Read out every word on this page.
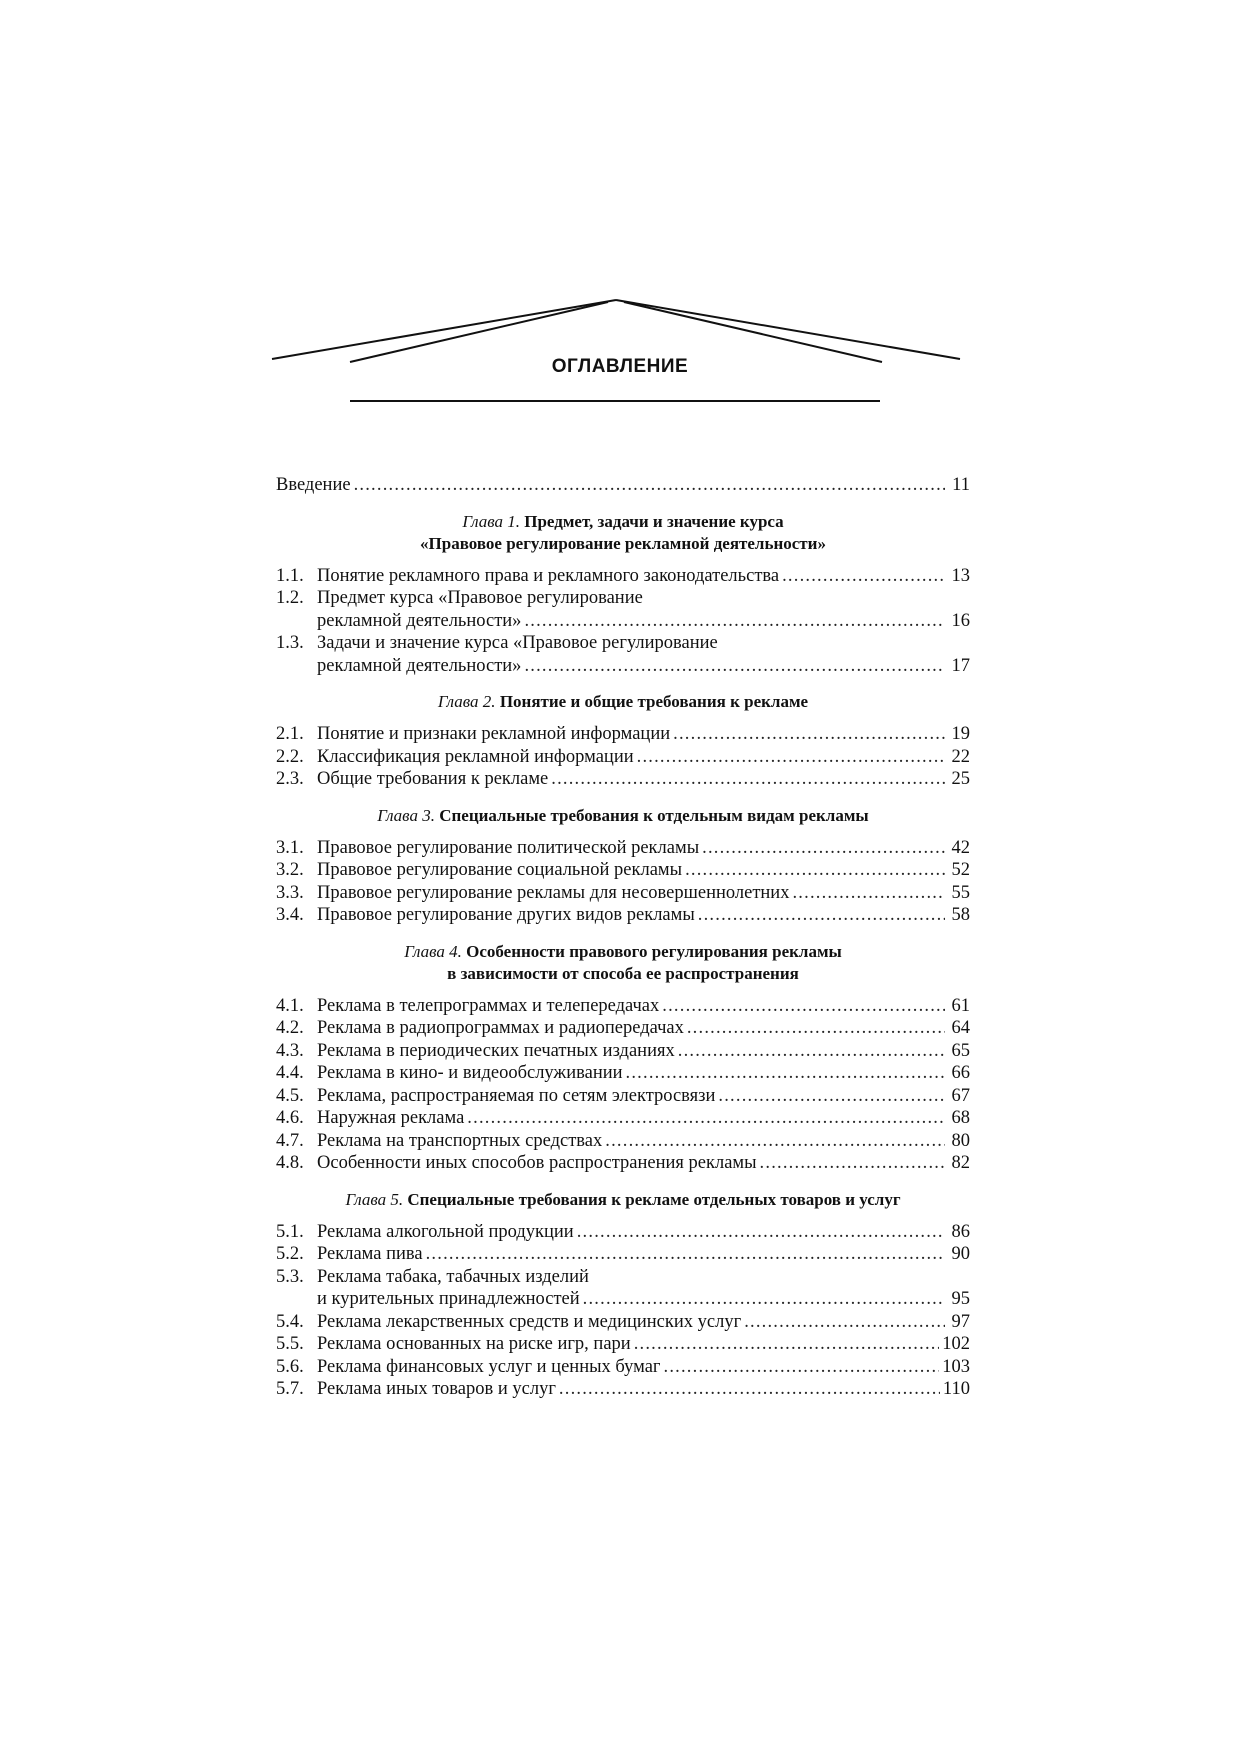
ОГЛАВЛЕНИЕ
Введение .....	11
Глава 1. Предмет, задачи и значение курса
«Правовое регулирование рекламной деятельности»
1.1. Понятие рекламного права и рекламного законодательства .....	13
1.2. Предмет курса «Правовое регулирование
рекламной деятельности» .....	16
1.3. Задачи и значение курса «Правовое регулирование
рекламной деятельности» .....	17
Глава 2. Понятие и общие требования к рекламе
2.1. Понятие и признаки рекламной информации .....	19
2.2. Классификация рекламной информации .....	22
2.3. Общие требования к рекламе .....	25
Глава 3. Специальные требования к отдельным видам рекламы
3.1. Правовое регулирование политической рекламы .....	42
3.2. Правовое регулирование социальной рекламы .....	52
3.3. Правовое регулирование рекламы для несовершеннолетних .....	55
3.4. Правовое регулирование других видов рекламы .....	58
Глава 4. Особенности правового регулирования рекламы
в зависимости от способа ее распространения
4.1. Реклама в телепрограммах и телепередачах .....	61
4.2. Реклама в радиопрограммах и радиопередачах .....	64
4.3. Реклама в периодических печатных изданиях .....	65
4.4. Реклама в кино- и видеообслуживании .....	66
4.5. Реклама, распространяемая по сетям электросвязи .....	67
4.6. Наружная реклама .....	68
4.7. Реклама на транспортных средствах .....	80
4.8. Особенности иных способов распространения рекламы .....	82
Глава 5. Специальные требования к рекламе отдельных товаров и услуг
5.1. Реклама алкогольной продукции .....	86
5.2. Реклама пива .....	90
5.3. Реклама табака, табачных изделий
и курительных принадлежностей .....	95
5.4. Реклама лекарственных средств и медицинских услуг .....	97
5.5. Реклама основанных на риске игр, пари .....	102
5.6. Реклама финансовых услуг и ценных бумаг .....	103
5.7. Реклама иных товаров и услуг .....	110
